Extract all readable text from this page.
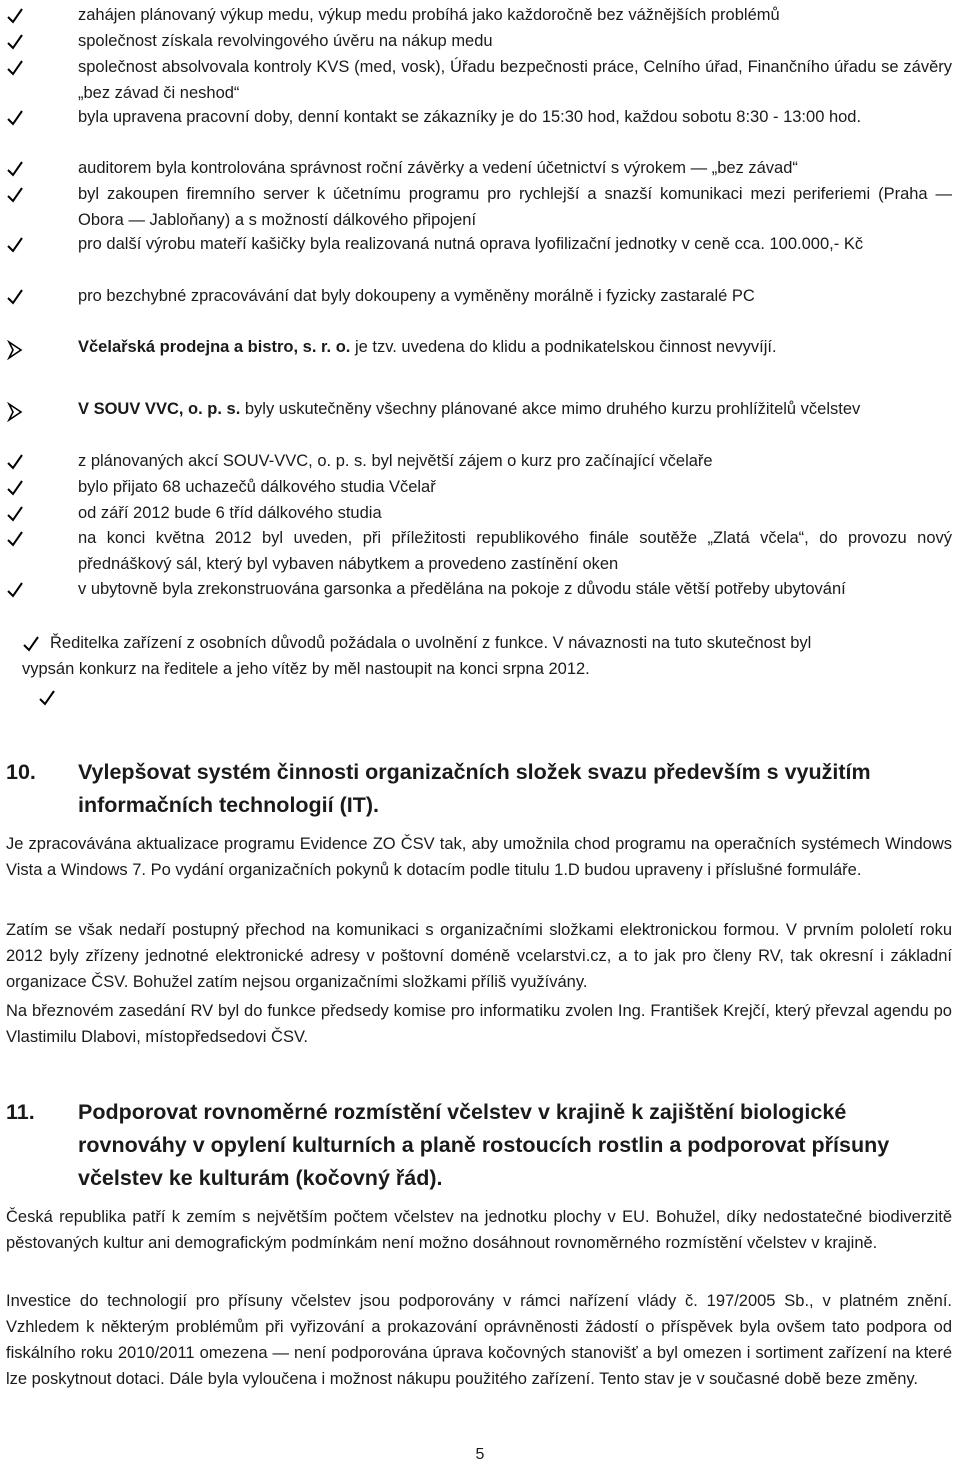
zahájen plánovaný výkup medu, výkup medu probíhá jako každoročně bez vážnějších problémů
společnost získala revolvingového úvěru na nákup medu
společnost absolvovala kontroly KVS (med, vosk), Úřadu bezpečnosti práce, Celního úřad, Finančního úřadu se závěry „bez závad či neshod“
byla upravena pracovní doby, denní kontakt se zákazníky je do 15:30 hod, každou sobotu 8:30 - 13:00 hod.
auditorem byla kontrolována správnost roční závěrky a vedení účetnictví s výrokem — „bez závad“
byl zakoupen firemního server k účetnímu programu pro rychlejší a snazší komunikaci mezi periferiemi (Praha — Obora — Jabloňany) a s možností dálkového připojení
pro další výrobu mateří kašičky byla realizovaná nutná oprava lyofilizační jednotky v ceně cca. 100.000,- Kč
pro bezchybné zpracovávání dat byly dokoupeny a vyměněny morálně i fyzicky zastaralé PC
Včelařská prodejna a bistro, s. r. o. je tzv. uvedena do klidu a podnikatelskou činnost nevyvíjí.
V SOUV VVC, o. p. s. byly uskutečněny všechny plánované akce mimo druhého kurzu prohlížitelů včelstev
z plánovaných akcí SOUV-VVC, o. p. s. byl největší zájem o kurz pro začínající včelaře
bylo přijato 68 uchazečů dálkového studia Včelař
od září 2012 bude 6 tříd dálkového studia
na konci května 2012 byl uveden, při příležitosti republikového finále soutěže „Zlatá včela“, do provozu nový přednáškový sál, který byl vybaven nábytkem a provedeno zastínění oken
v ubytovně byla zrekonstruována garsonka a předělána na pokoje z důvodu stále větší potřeby ubytování
Ředitelka zařízení z osobních důvodů požádala o uvolnění z funkce. V návaznosti na tuto skutečnost byl
vypsán konkurz na ředitele a jeho vítěz by měl nastoupit na konci srpna 2012.
10. Vylepšovat systém činnosti organizačních složek svazu především s využitím informačních technologií (IT).
Je zpracovávána aktualizace programu Evidence ZO ČSV tak, aby umožnila chod programu na operačních systémech Windows Vista a Windows 7. Po vydání organizačních pokynů k dotacím podle titulu 1.D budou upraveny i příslušné formuláře.
Zatím se však nedaří postupný přechod na komunikaci s organizačními složkami elektronickou formou. V prvním pololetí roku 2012 byly zřízeny jednotné elektronické adresy v poštovní doméně vcelarstvi.cz, a to jak pro členy RV, tak okresní i základní organizace ČSV. Bohužel zatím nejsou organizačními složkami příliš využívány.
Na březnovém zasedání RV byl do funkce předsedy komise pro informatiku zvolen Ing. František Krejčí, který převzal agendu po Vlastimilu Dlabovi, místopředsedovi ČSV.
11. Podporovat rovnoměrné rozmístění včelstev v krajině k zajištění biologické rovnováhy v opylení kulturních a planě rostoucích rostlin a podporovat přísuny včelstev ke kulturám (kočovný řád).
Česká republika patří k zemím s největším počtem včelstev na jednotku plochy v EU. Bohužel, díky nedostatečné biodiverzitě pěstovaných kultur ani demografickým podmínkám není možno dosáhnout rovnoměrného rozmístění včelstev v krajině.
Investice do technologií pro přísuny včelstev jsou podporovány v rámci nařízení vlády č. 197/2005 Sb., v platném znění. Vzhledem k některým problémům při vyřizování a prokazování oprávněnosti žádostí o příspěvek byla ovšem tato podpora od fiskálního roku 2010/2011 omezena — není podporována úprava kočovných stanovišť a byl omezen i sortiment zařízení na které lze poskytnout dotaci. Dále byla vyloučena i možnost nákupu použitého zařízení. Tento stav je v současné době beze změny.
5
